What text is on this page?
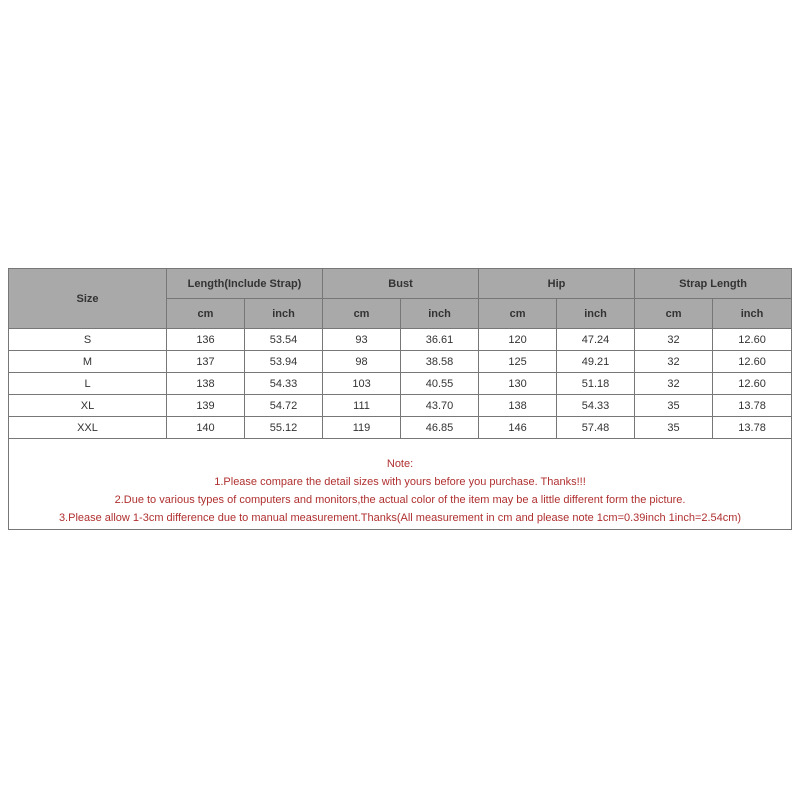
Size	Length(Include Strap)		Bust		Hip		Strap Length	
	cm	inch	cm	inch	cm	inch	cm	inch
S	136	53.54	93	36.61	120	47.24	32	12.60
M	137	53.94	98	38.58	125	49.21	32	12.60
L	138	54.33	103	40.55	130	51.18	32	12.60
XL	139	54.72	111	43.70	138	54.33	35	13.78
XXL	140	55.12	119	46.85	146	57.48	35	13.78

Note:
1.Please compare the detail sizes with yours before you purchase. Thanks!!!
2.Due to various types of computers and monitors,the actual color of the item may be a little different form the picture.
3.Please allow 1-3cm difference due to manual measurement.Thanks(All measurement in cm and please note 1cm=0.39inch 1inch=2.54cm)								
